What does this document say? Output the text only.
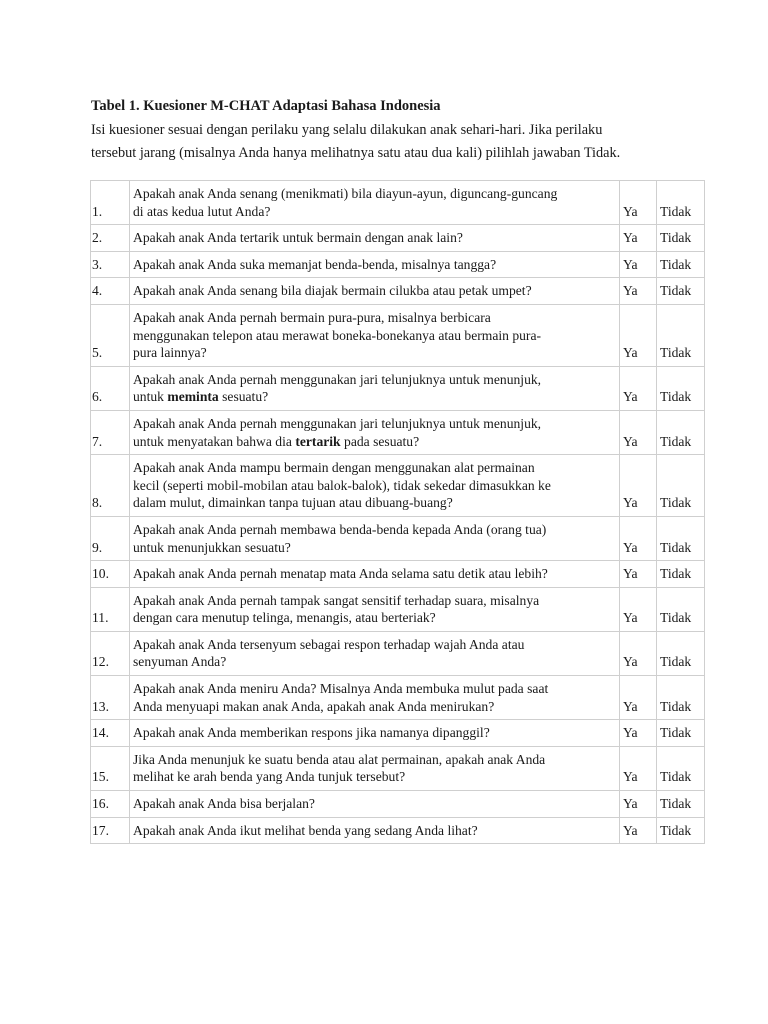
Tabel 1. Kuesioner M-CHAT Adaptasi Bahasa Indonesia
Isi kuesioner sesuai dengan perilaku yang selalu dilakukan anak sehari-hari. Jika perilaku
tersebut jarang (misalnya Anda hanya melihatnya satu atau dua kali) pilihlah jawaban Tidak.
1.	Apakah anak Anda senang (menikmati) bila diayun-ayun, diguncang-guncang
di atas kedua lutut Anda?	Ya	Tidak
2.	Apakah anak Anda tertarik untuk bermain dengan anak lain?	Ya	Tidak
3.	Apakah anak Anda suka memanjat benda-benda, misalnya tangga?	Ya	Tidak
4.	Apakah anak Anda senang bila diajak bermain cilukba atau petak umpet?	Ya	Tidak
5.	Apakah anak Anda pernah bermain pura-pura, misalnya berbicara
menggunakan telepon atau merawat boneka-bonekanya atau bermain pura-
pura lainnya?	Ya	Tidak
6.	Apakah anak Anda pernah menggunakan jari telunjuknya untuk menunjuk,
untuk meminta sesuatu?	Ya	Tidak
7.	Apakah anak Anda pernah menggunakan jari telunjuknya untuk menunjuk,
untuk menyatakan bahwa dia tertarik pada sesuatu?	Ya	Tidak
8.	Apakah anak Anda mampu bermain dengan menggunakan alat permainan
kecil (seperti mobil-mobilan atau balok-balok), tidak sekedar dimasukkan ke
dalam mulut, dimainkan tanpa tujuan atau dibuang-buang?	Ya	Tidak
9.	Apakah anak Anda pernah membawa benda-benda kepada Anda (orang tua)
untuk menunjukkan sesuatu?	Ya	Tidak
10.	Apakah anak Anda pernah menatap mata Anda selama satu detik atau lebih?	Ya	Tidak
11.	Apakah anak Anda pernah tampak sangat sensitif terhadap suara, misalnya
dengan cara menutup telinga, menangis, atau berteriak?	Ya	Tidak
12.	Apakah anak Anda tersenyum sebagai respon terhadap wajah Anda atau
senyuman Anda?	Ya	Tidak
13.	Apakah anak Anda meniru Anda? Misalnya Anda membuka mulut pada saat
Anda menyuapi makan anak Anda, apakah anak Anda menirukan?	Ya	Tidak
14.	Apakah anak Anda memberikan respons jika namanya dipanggil?	Ya	Tidak
15.	Jika Anda menunjuk ke suatu benda atau alat permainan, apakah anak Anda
melihat ke arah benda yang Anda tunjuk tersebut?	Ya	Tidak
16.	Apakah anak Anda bisa berjalan?	Ya	Tidak
17.	Apakah anak Anda ikut melihat benda yang sedang Anda lihat?	Ya	Tidak
